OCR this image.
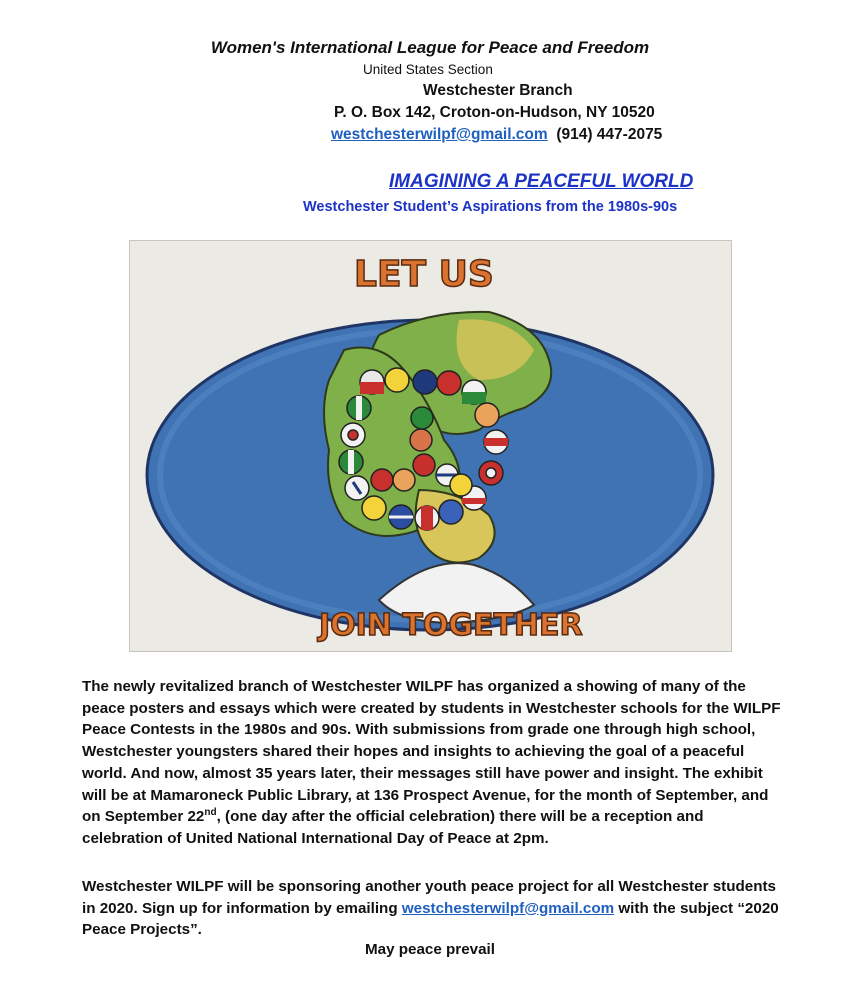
Women's International League for Peace and Freedom
United States Section
Westchester Branch
P. O. Box 142, Croton-on-Hudson, NY 10520
westchesterwilpf@gmail.com (914) 447-2075
IMAGINING A PEACEFUL WORLD
Westchester Student’s Aspirations from the 1980s-90s
LET US
JOIN TOGETHER
The newly revitalized branch of Westchester WILPF has organized a showing of many of the peace posters and essays which were created by students in Westchester schools for the WILPF Peace Contests in the 1980s and 90s. With submissions from grade one through high school, Westchester youngsters shared their hopes and insights to achieving the goal of a peaceful world. And now, almost 35 years later, their messages still have power and insight. The exhibit will be at Mamaroneck Public Library, at 136 Prospect Avenue, for the month of September, and on September 22nd, (one day after the official celebration) there will be a reception and celebration of United National International Day of Peace at 2pm.
Westchester WILPF will be sponsoring another youth peace project for all Westchester students in 2020. Sign up for information by emailing westchesterwilpf@gmail.com with the subject “2020 Peace Projects”.
May peace prevail
